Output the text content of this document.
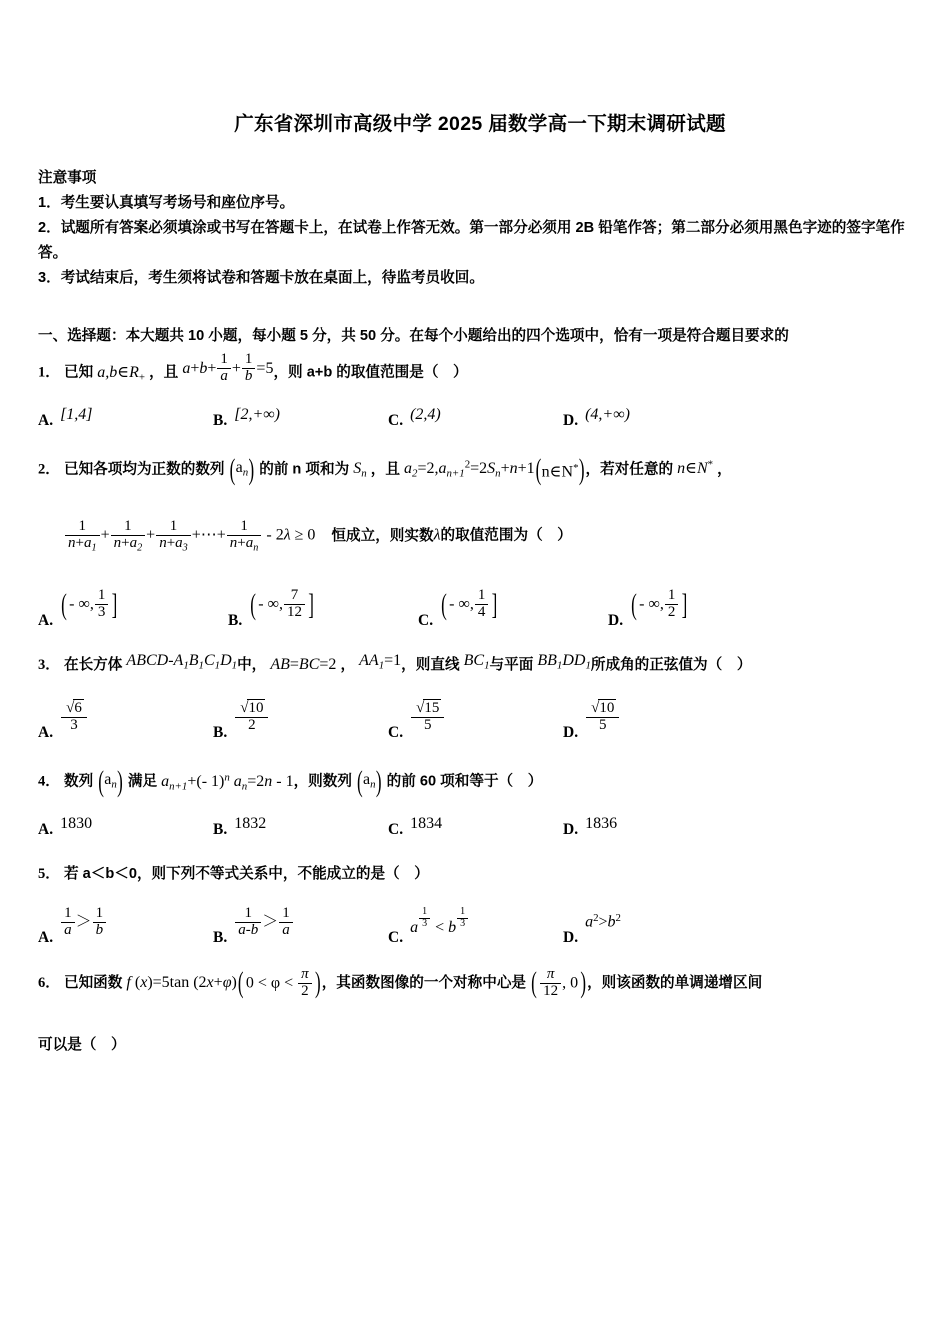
广东省深圳市高级中学 2025 届数学高一下期末调研试题
注意事项
1．考生要认真填写考场号和座位序号。
2．试题所有答案必须填涂或书写在答题卡上，在试卷上作答无效。第一部分必须用 2B 铅笔作答；第二部分必须用黑色字迹的签字笔作答。
3．考试结束后，考生须将试卷和答题卡放在桌面上，待监考员收回。
一、选择题：本大题共 10 小题，每小题 5 分，共 50 分。在每个小题给出的四个选项中，恰有一项是符合题目要求的
1． 已知 $a,b\in R_+$ ，且 $a+b+ \frac{1}{a} + \frac{1}{b} =5$，则 a+b 的取值范围是（　）
A. [1,4]	B. [2,+∞)	C. (2,4)	D. (4,+∞)
2． 已知各项均为正数的数列 ( $a_n$ ) 的前 n 项和为 $S_n$ ，且 $a_2=2,a_{n+1}^2=2S_n+n+1$ ( n∈N* ) ，若对任意的 n∈N* ，
$\frac{1}{n+a_1} + \frac{1}{n+a_2} + \frac{1}{n+a_3}$ +⋯+ $\frac{1}{n+a_n} - 2\lambda \ge 0$ 恒成立，则实数λ的取值范围为（　）
A.
( - ∞, $\frac{1}{3}$
]	B.
( - ∞, $\frac{7}{12}$
]	C.
( - ∞, $\frac{1}{4}$
]	D.
( - ∞, $\frac{1}{2}$
]
3． 在长方体 ABCD-$A_1B_1C_1D_1$中， AB=BC=2 ， $AA_1=1$，则直线 $BC_1$与平面 $BB_1DD_1$所成角的正弦值为（　）
A. $\frac{√6}{3}$	B. $\frac{√10}{2}$	C. $\frac{√15}{5}$	D. $\frac{√10}{5}$
4． 数列 ( $a_n$ ) 满足 $a_{n+1}+(-$ 1)$^n$ $a_n=2n - 1$，则数列 ( $a_n$ ) 的前 60 项和等于（　）
A. 1830	B. 1832	C. 1834	D. 1836
5． 若 a＜b＜0，则下列不等式关系中，不能成立的是（　）
A. $\frac{1}{a} > \frac{1}{b}$	B. $\frac{1}{a-b} > \frac{1}{a}$	C.
a $^{\frac{1}{3}}$ < b $^{\frac{1}{3}}$
D.
$a^2>b^2$
6． 已知函数 f (x)=5tan (2x+φ) ( $0 < \varphi < \frac{\pi}{2}$
) ，其函数图像的一个对称中心是 ( $\frac{\pi}{12}$ , 0 ) ，则该函数的单调递增区间
可以是（　）
